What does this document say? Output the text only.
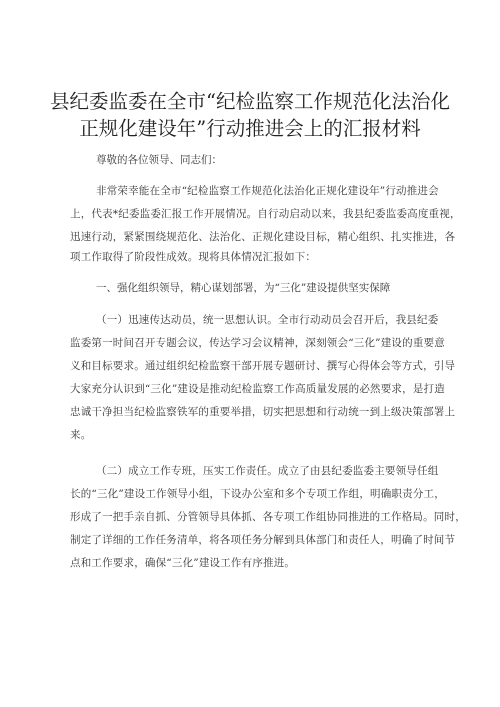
县纪委监委在全市“纪检监察工作规范化法治化
正规化建设年”行动推进会上的汇报材料
尊敬的各位领导、同志们：
非常荣幸能在全市“纪检监察工作规范化法治化正规化建设年”行动推进会
上，代表*纪委监委汇报工作开展情况。自行动启动以来，我县纪委监委高度重视，
迅速行动，紧紧围绕规范化、法治化、正规化建设目标，精心组织、扎实推进，各
项工作取得了阶段性成效。现将具体情况汇报如下：
一、强化组织领导，精心谋划部署，为“三化”建设提供坚实保障
（一）迅速传达动员，统一思想认识。全市行动动员会召开后，我县纪委
监委第一时间召开专题会议，传达学习会议精神，深刻领会“三化”建设的重要意
义和目标要求。通过组织纪检监察干部开展专题研讨、撰写心得体会等方式，引导
大家充分认识到“三化”建设是推动纪检监察工作高质量发展的必然要求，是打造
忠诚干净担当纪检监察铁军的重要举措，切实把思想和行动统一到上级决策部署上
来。
（二）成立工作专班，压实工作责任。成立了由县纪委监委主要领导任组
长的“三化”建设工作领导小组，下设办公室和多个专项工作组，明确职责分工，
形成了一把手亲自抓、分管领导具体抓、各专项工作组协同推进的工作格局。同时，
制定了详细的工作任务清单，将各项任务分解到具体部门和责任人，明确了时间节
点和工作要求，确保“三化”建设工作有序推进。
